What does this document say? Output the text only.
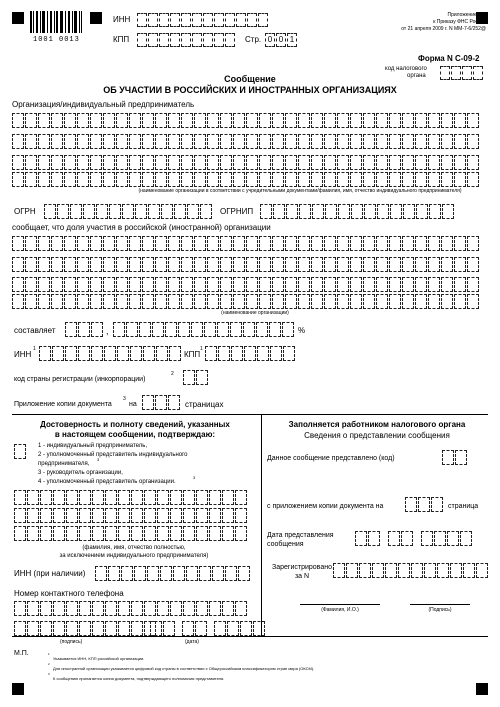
1001 0013
ИНН
КПП	Стр. 0 0 1
Приложение N 2
к Приказу ФНС России
от 21 апреля 2009 г. N ММ-7-6/252@
Форма N С-09-2
код налогового
органа
Сообщение
ОБ УЧАСТИИ В РОССИЙСКИХ И ИНОСТРАННЫХ ОРГАНИЗАЦИЯХ
Организация/индивидуальный предприниматель
(наименование организации в соответствии с учредительными документами/фамилия, имя, отчество индивидуального предпринимателя)
ОГРН	ОГРНИП
сообщает, что доля участия в российской (иностранной) организации
(наименование организации)
составляет	,	%
ИНН
1
КПП
1
код страны регистрации (инкорпорации)
2
Приложение копии документа
3
на	страницах
Достоверность и полноту сведений, указанных
в настоящем сообщении, подтверждаю:
1 - индивидуальный предприниматель,
2 - уполномоченный представитель индивидуального
предпринимателя,
3
3 - руководитель организации,
4 - уполномоченный представитель организации.
3
(фамилия, имя, отчество полностью,
за исключением индивидуального предпринимателя)
ИНН (при наличии)
Номер контактного телефона
(подпись)	(дата)
М.П.
Заполняется работником налогового органа
Сведения о представлении сообщения
Данное сообщение представлено (код)
с приложением копии документа на	страница
Дата представления
сообщения
Зарегистрировано
за N
(Фамилия, И.О.)	(Подпись)
1
Указывается ИНН, КПП российской организации.
2
Для иностранной организации указывается цифровой код страны в соответствии с Общероссийским классификатором стран мира (ОКСМ).
3
К сообщению прилагается копия документа, подтверждающего полномочия представителя.
